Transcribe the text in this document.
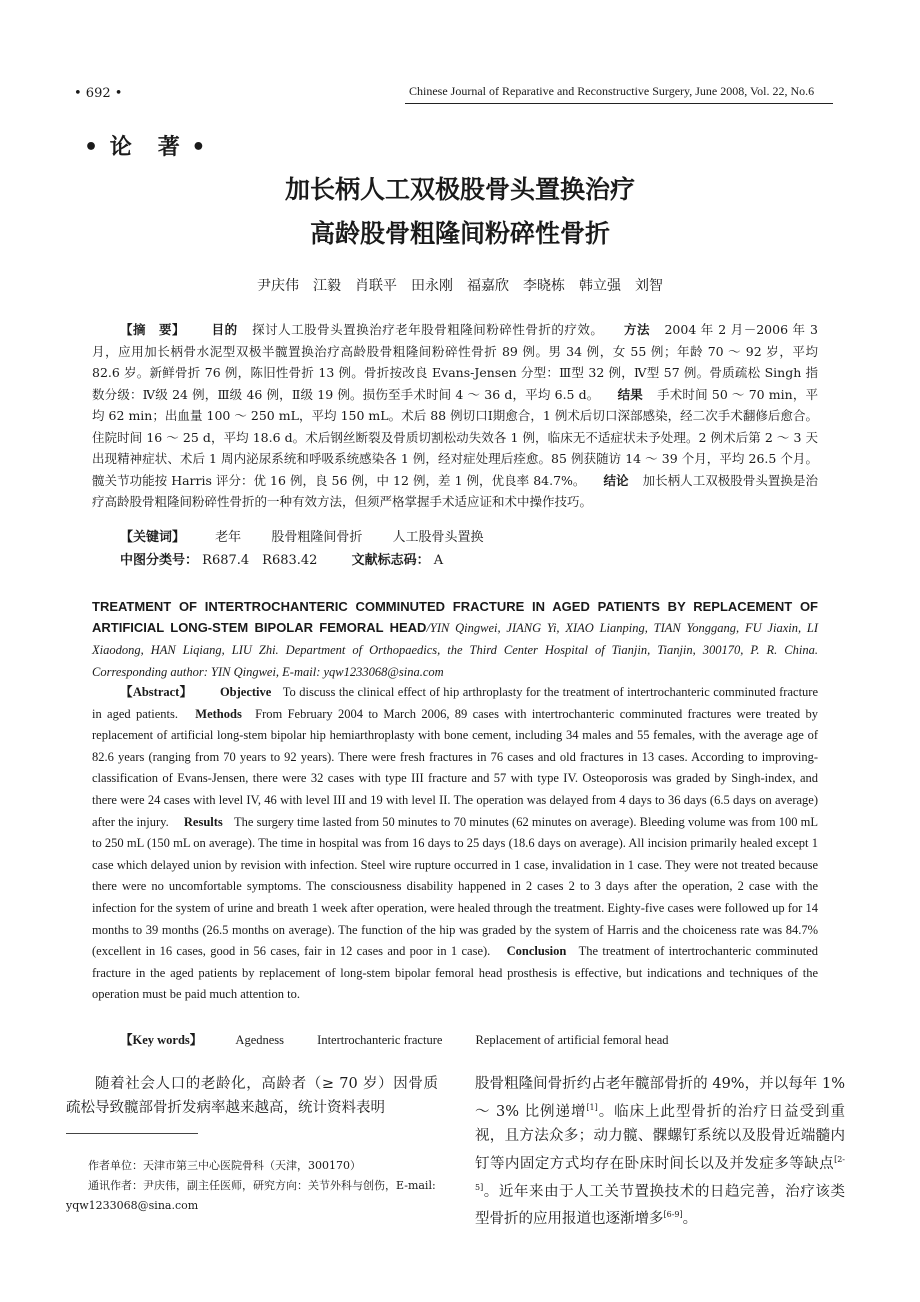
• 692 •	Chinese Journal of Reparative and Reconstructive Surgery, June 2008, Vol. 22, No.6
• 论　著 •
加长柄人工双极股骨头置换治疗
高龄股骨粗隆间粉碎性骨折
尹庆伟　江毅　肖联平　田永刚　福嘉欣　李晓栋　韩立强　刘智
【摘　要】 目的 探讨人工股骨头置换治疗老年股骨粗隆间粉碎性骨折的疗效。 方法 2004 年 2 月－2006 年 3 月，应用加长柄骨水泥型双极半髋置换治疗高龄股骨粗隆间粉碎性骨折 89 例。男 34 例，女 55 例；年龄 70 ～ 92 岁，平均 82.6 岁。新鲜骨折 76 例，陈旧性骨折 13 例。骨折按改良 Evans-Jensen 分型：Ⅲ型 32 例，Ⅳ型 57 例。骨质疏松 Singh 指数分级：Ⅳ级 24 例，Ⅲ级 46 例，Ⅱ级 19 例。损伤至手术时间 4 ～ 36 d，平均 6.5 d。 结果 手术时间 50 ～ 70 min，平均 62 min；出血量 100 ～ 250 mL，平均 150 mL。术后 88 例切口Ⅰ期愈合，1 例术后切口深部感染，经二次手术翻修后愈合。住院时间 16 ～ 25 d，平均 18.6 d。术后钢丝断裂及骨质切割松动失效各 1 例，临床无不适症状未予处理。2 例术后第 2 ～ 3 天出现精神症状、术后 1 周内泌尿系统和呼吸系统感染各 1 例，经对症处理后痊愈。85 例获随访 14 ～ 39 个月，平均 26.5 个月。髋关节功能按 Harris 评分：优 16 例，良 56 例，中 12 例，差 1 例，优良率 84.7%。 结论 加长柄人工双极股骨头置换是治疗高龄股骨粗隆间粉碎性骨折的一种有效方法，但须严格掌握手术适应证和术中操作技巧。
【关键词】 老年 股骨粗隆间骨折 人工股骨头置换
中图分类号： R687.4　R683.42	文献标志码： A
TREATMENT OF INTERTROCHANTERIC COMMINUTED FRACTURE IN AGED PATIENTS BY REPLACEMENT OF ARTIFICIAL LONG-STEM BIPOLAR FEMORAL HEAD/YIN Qingwei, JIANG Yi, XIAO Lianping, TIAN Yonggang, FU Jiaxin, LI Xiaodong, HAN Liqiang, LIU Zhi. Department of Orthopaedics, the Third Center Hospital of Tianjin, Tianjin, 300170, P. R. China. Corresponding author: YIN Qingwei, E-mail: yqw1233068@sina.com
【Abstract】 Objective To discuss the clinical effect of hip arthroplasty for the treatment of intertrochanteric comminuted fracture in aged patients. Methods From February 2004 to March 2006, 89 cases with intertrochanteric comminuted fractures were treated by replacement of artificial long-stem bipolar hip hemiarthroplasty with bone cement, including 34 males and 55 females, with the average age of 82.6 years (ranging from 70 years to 92 years). There were fresh fractures in 76 cases and old fractures in 13 cases. According to improving-classification of Evans-Jensen, there were 32 cases with type III fracture and 57 with type IV. Osteoporosis was graded by Singh-index, and there were 24 cases with level IV, 46 with level III and 19 with level II. The operation was delayed from 4 days to 36 days (6.5 days on average) after the injury. Results The surgery time lasted from 50 minutes to 70 minutes (62 minutes on average). Bleeding volume was from 100 mL to 250 mL (150 mL on average). The time in hospital was from 16 days to 25 days (18.6 days on average). All incision primarily healed except 1 case which delayed union by revision with infection. Steel wire rupture occurred in 1 case, invalidation in 1 case. They were not treated because there were no uncomfortable symptoms. The consciousness disability happened in 2 cases 2 to 3 days after the operation, 2 case with the infection for the system of urine and breath 1 week after operation, were healed through the treatment. Eighty-five cases were followed up for 14 months to 39 months (26.5 months on average). The function of the hip was graded by the system of Harris and the choiceness rate was 84.7% (excellent in 16 cases, good in 56 cases, fair in 12 cases and poor in 1 case). Conclusion The treatment of intertrochanteric comminuted fracture in the aged patients by replacement of long-stem bipolar femoral head prosthesis is effective, but indications and techniques of the operation must be paid much attention to.
【Key words】	Agedness	Intertrochanteric fracture	Replacement of artificial femoral head
随着社会人口的老龄化，高龄者（≥ 70 岁）因骨质疏松导致髋部骨折发病率越来越高，统计资料表明
作者单位：天津市第三中心医院骨科（天津，300170）
通讯作者：尹庆伟，副主任医师，研究方向：关节外科与创伤，E-mail: yqw1233068@sina.com
股骨粗隆间骨折约占老年髋部骨折的 49%，并以每年 1% ～ 3% 比例递增[1]。临床上此型骨折的治疗日益受到重视，且方法众多；动力髋、髁螺钉系统以及股骨近端髓内钉等内固定方式均存在卧床时间长以及并发症多等缺点[2-5]。近年来由于人工关节置换技术的日趋完善，治疗该类型骨折的应用报道也逐渐增多[6-9]。
